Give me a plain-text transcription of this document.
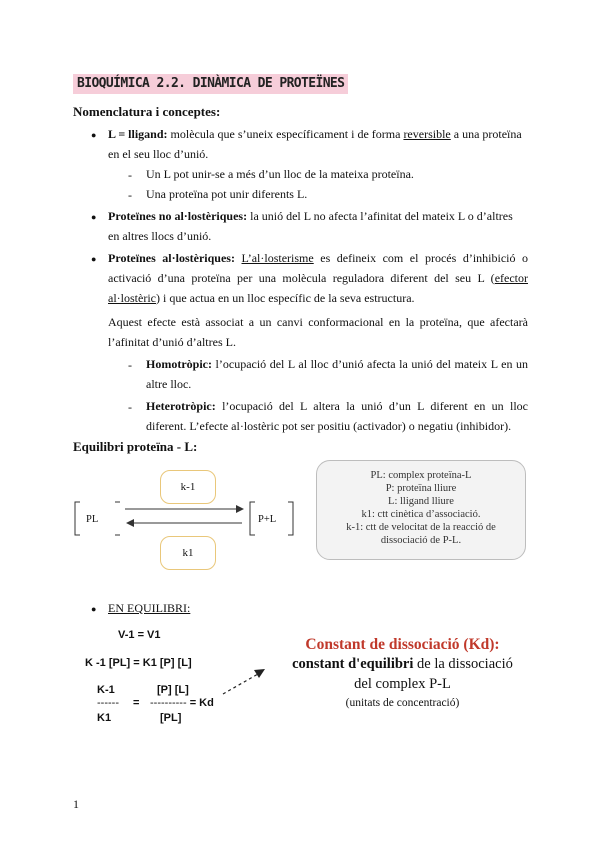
BIOQUÍMICA 2.2. DINÀMICA DE PROTEÏNES
Nomenclatura i conceptes:
● L = lligand: molècula que s’uneix específicament i de forma reversible a una proteïna
en el seu lloc d’unió.
- Un L pot unir-se a més d’un lloc de la mateixa proteïna.
- Una proteïna pot unir diferents L.
● Proteïnes no al·lostèriques: la unió del L no afecta l’afinitat del mateix L o d’altres
en altres llocs d’unió.
● Proteïnes al·lostèriques: L’al·losterisme es defineix com el procés d’inhibició o
activació d’una proteïna per una molècula reguladora diferent del seu L (efector
al·lostèric) i que actua en un lloc específic de la seva estructura.
Aquest efecte està associat a un canvi conformacional en la proteïna, que afectarà
l’afinitat d’unió d’altres L.
- Homotròpic: l’ocupació del L al lloc d’unió afecta la unió del mateix L en un
altre lloc.
- Heterotròpic: l’ocupació del L altera la unió d’un L diferent en un lloc
diferent. L’efecte al·lostèric pot ser positiu (activador) o negatiu (inhibidor).
Equilibri proteïna - L:
k-1
k1
PL	P+L
PL: complex proteïna-L
P: proteïna lliure
L: lligand lliure
k1: ctt cinètica d’associació.
k-1: ctt de velocitat de la reacció de
dissociació de P-L.
● EN EQUILIBRI:
V-1 = V1
K -1 [PL] = K1 [P] [L]
K-1
------
K1
=
[P] [L]
---------- = Kd
[PL]
Constant de dissociació (Kd):
constant d'equilibri de la dissociació
del complex P-L
(unitats de concentració)
1
